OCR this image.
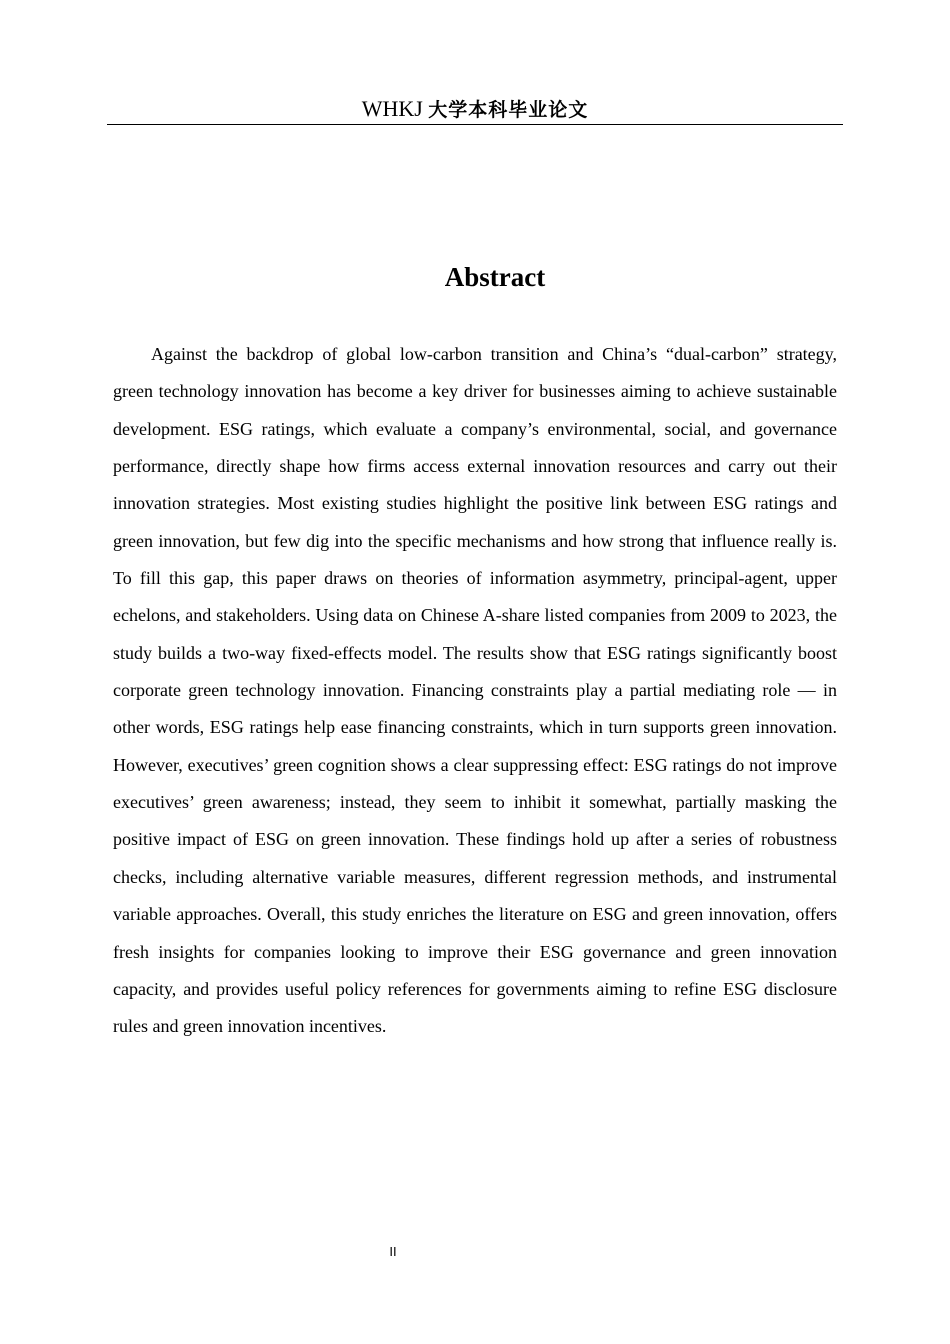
WHKJ 大学本科毕业论文
Abstract

Against the backdrop of global low-carbon transition and China’s “dual-carbon” strategy, green technology innovation has become a key driver for businesses aiming to achieve sustainable development. ESG ratings, which evaluate a company’s environmental, social, and governance performance, directly shape how firms access external innovation resources and carry out their innovation strategies. Most existing studies highlight the positive link between ESG ratings and green innovation, but few dig into the specific mechanisms and how strong that influence really is. To fill this gap, this paper draws on theories of information asymmetry, principal-agent, upper echelons, and stakeholders. Using data on Chinese A-share listed companies from 2009 to 2023, the study builds a two-way fixed-effects model. The results show that ESG ratings significantly boost corporate green technology innovation. Financing constraints play a partial mediating role — in other words, ESG ratings help ease financing constraints, which in turn supports green innovation. However, executives’ green cognition shows a clear suppressing effect: ESG ratings do not improve executives’ green awareness; instead, they seem to inhibit it somewhat, partially masking the positive impact of ESG on green innovation. These findings hold up after a series of robustness checks, including alternative variable measures, different regression methods, and instrumental variable approaches. Overall, this study enriches the literature on ESG and green innovation, offers fresh insights for companies looking to improve their ESG governance and green innovation capacity, and provides useful policy references for governments aiming to refine ESG disclosure rules and green innovation incentives.

II
